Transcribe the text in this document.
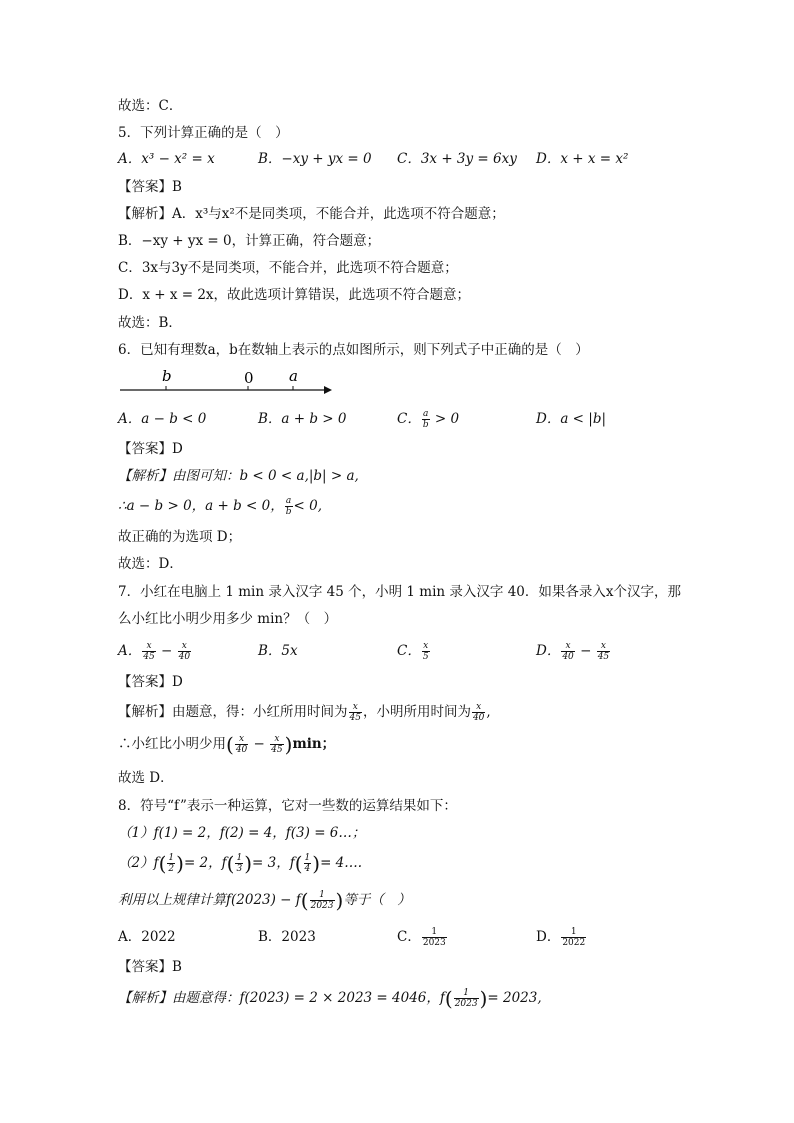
故选：C．
5．下列计算正确的是（　）
A．x³ − x² = x	B．−xy + yx = 0 C．3x + 3y = 6xy D．x + x = x²
【答案】B
【解析】A．x³与x²不是同类项，不能合并，此选项不符合题意；
B．−xy + yx = 0，计算正确，符合题意；
C．3x与3y不是同类项，不能合并，此选项不符合题意；
D．x + x = 2x，故此选项计算错误，此选项不符合题意；
故选：B．
6．已知有理数a，b在数轴上表示的点如图所示，则下列式子中正确的是（　）
b	0 a
A．a − b < 0	B．a + b > 0	C． $\frac{a}{b} > 0$	D．a < |b|
【答案】D
【解析】由图可知：b < 0 < a,|b| > a,
∴a − b > 0，a + b < 0， $\frac{a}{b} < 0$,
故正确的为选项 D；
故选：D．
7．小红在电脑上 1 min 录入汉字 45 个，小明 1 min 录入汉字 40．如果各录入x个汉字，那
么小红比小明少用多少 min？（　）
A． $\frac{x}{45} - \frac{x}{40}$	B．5x	C． $\frac{x}{5}$	D． $\frac{x}{40} - \frac{x}{45}$
【答案】D
【解析】由题意，得：小红所用时间为 $\frac{x}{45}$ ，小明所用时间为 $\frac{x}{40}$ ,
∴小红比小明少用( $\frac{x}{40} - \frac{x}{45} )\min$；
故选 D．
8．符号“f”表示一种运算，它对一些数的运算结果如下：
（1）f(1) = 2，f(2) = 4，f(3) = 6…；
$(2)f( \frac{1}{2}$ )= 2，$f( \frac{1}{3}$ )= 3，$f( \frac{1}{4}$ )= 4….
利用以上规律计算$f(2023) - f( \frac{1}{2023}$ )等于（　）
A．2022	B．2023	C． $\frac{1}{2023}$	D． $\frac{1}{2022}$
【答案】B
【解析】由题意得：f(2023) = 2 × 2023 = 4046，$f( \frac{1}{2023}$ )= 2023,
